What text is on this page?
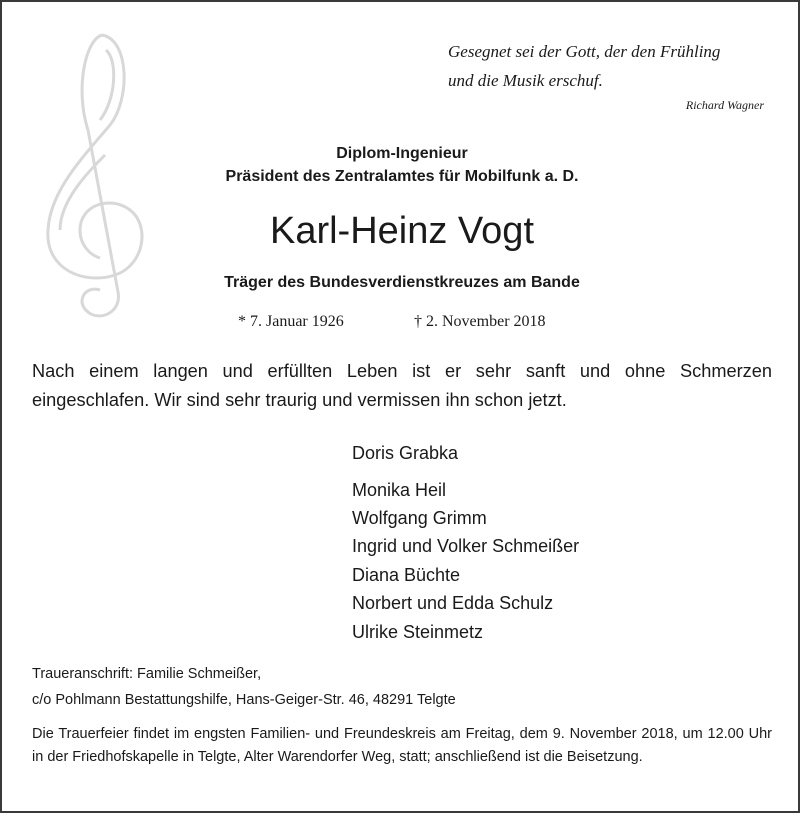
Gesegnet sei der Gott, der den Frühling
und die Musik erschuf.
Richard Wagner
Diplom-Ingenieur
Präsident des Zentralamtes für Mobilfunk a. D.
Karl-Heinz Vogt
Träger des Bundesverdienstkreuzes am Bande
* 7. Januar 1926	† 2. November 2018
Nach einem langen und erfüllten Leben ist er sehr sanft und ohne Schmerzen eingeschlafen. Wir sind sehr traurig und vermissen ihn schon jetzt.
Doris Grabka
Monika Heil
Wolfgang Grimm
Ingrid und Volker Schmeißer
Diana Büchte
Norbert und Edda Schulz
Ulrike Steinmetz
Traueranschrift: Familie Schmeißer,
c/o Pohlmann Bestattungshilfe, Hans-Geiger-Str. 46, 48291 Telgte
Die Trauerfeier findet im engsten Familien- und Freundeskreis am Freitag, dem 9. November 2018, um 12.00 Uhr in der Friedhofskapelle in Telgte, Alter Warendorfer Weg, statt; anschließend ist die Beisetzung.
